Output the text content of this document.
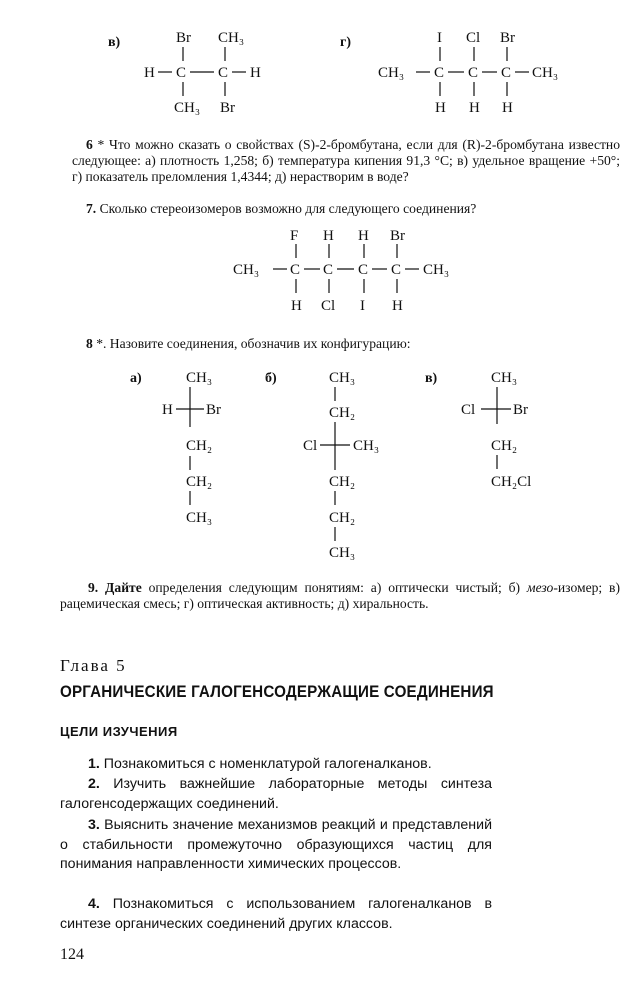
в)	Br CH₃
H C C H
CH₃ Br
г)	I Cl Br
CH₃ C C C CH₃
H H H
6 * Что можно сказать о свойствах (S)-2-бромбутана, если для (R)-2-бромбутана известно следующее: а) плотность 1,258; б) температура кипения 91,3 °С; в) удельное вращение +50°; г) показатель преломления 1,4344; д) нерастворим в воде?
7. Сколько стереоизомеров возможно для следующего соединения?
F H H Br
CH₃ C C C C CH₃
H Cl I H
8 *. Назовите соединения, обозначив их конфигурацию:
а)	CH₃
H Br
CH₂
CH₂
CH₃
б)	CH₃
CH₂
Cl CH₃
CH₂
CH₂
CH₃
в)	CH₃
Cl	Br
CH₂
CH₂Cl
9. Дайте определения следующим понятиям: а) оптически чистый; б) мезо-изомер; в) рацемическая смесь; г) оптическая активность; д) хиральность.
Глава 5
ОРГАНИЧЕСКИЕ ГАЛОГЕНСОДЕРЖАЩИЕ СОЕДИНЕНИЯ
ЦЕЛИ ИЗУЧЕНИЯ
1. Познакомиться с номенклатурой галогеналканов.
2. Изучить важнейшие лабораторные методы синтеза галогенсодержащих соединений.
3. Выяснить значение механизмов реакций и представлений о стабильности промежуточно образующихся частиц для понимания направленности химических процессов.
4. Познакомиться с использованием галогеналканов в синтезе органических соединений других классов.
124
